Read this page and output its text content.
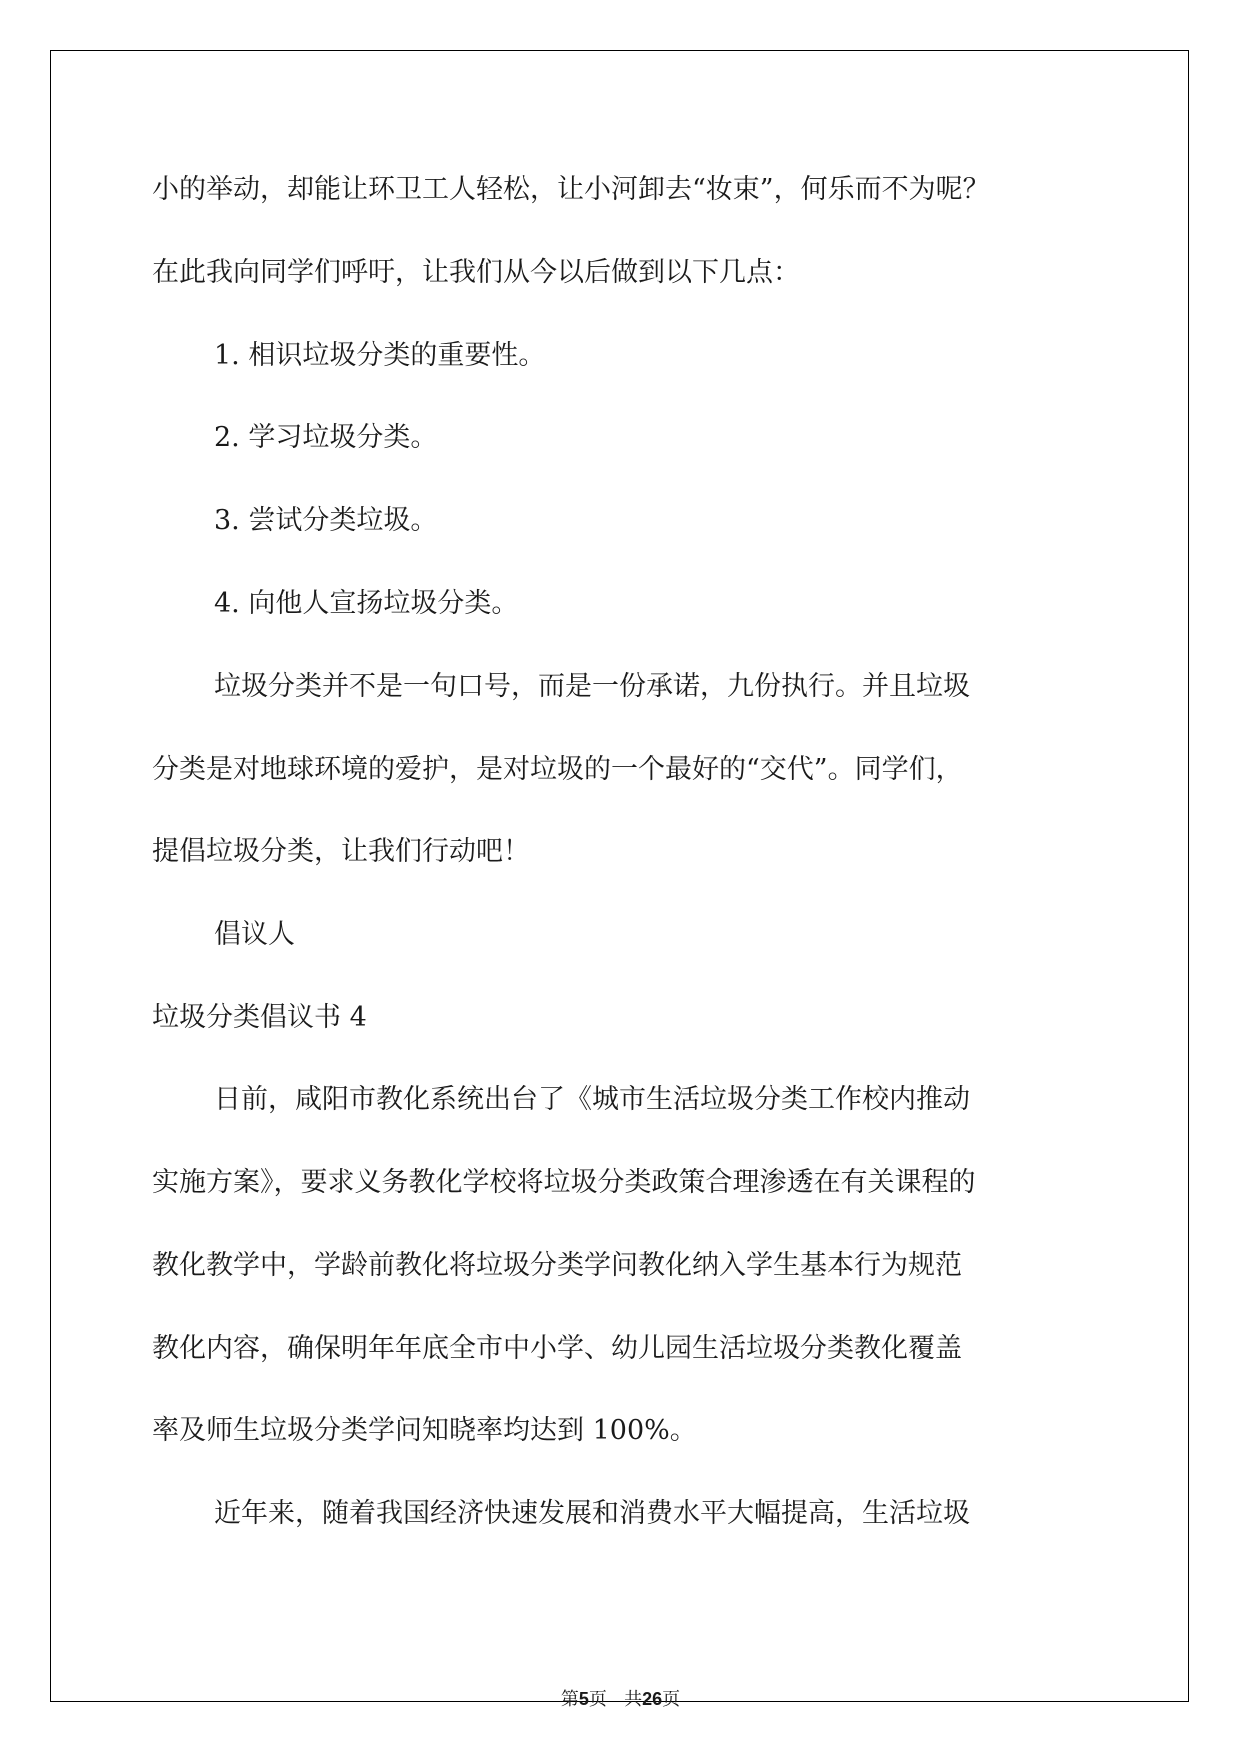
小的举动，却能让环卫工人轻松，让小河卸去“妆束”，何乐而不为呢？
在此我向同学们呼吁，让我们从今以后做到以下几点：
1. 相识垃圾分类的重要性。
2. 学习垃圾分类。
3. 尝试分类垃圾。
4. 向他人宣扬垃圾分类。
垃圾分类并不是一句口号，而是一份承诺，九份执行。并且垃圾
分类是对地球环境的爱护，是对垃圾的一个最好的“交代”。同学们，
提倡垃圾分类，让我们行动吧！
倡议人
垃圾分类倡议书 4
日前，咸阳市教化系统出台了《城市生活垃圾分类工作校内推动
实施方案》，要求义务教化学校将垃圾分类政策合理渗透在有关课程的
教化教学中，学龄前教化将垃圾分类学问教化纳入学生基本行为规范
教化内容，确保明年年底全市中小学、幼儿园生活垃圾分类教化覆盖
率及师生垃圾分类学问知晓率均达到 100%。
近年来，随着我国经济快速发展和消费水平大幅提高，生活垃圾
第5页 共26页
